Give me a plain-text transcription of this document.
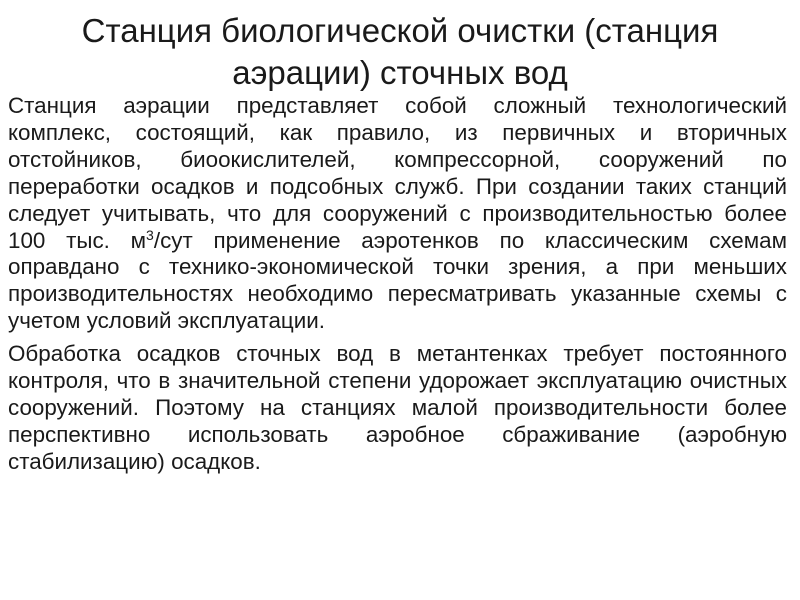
Станция биологической очистки (станция
аэрации) сточных вод

Станция аэрации представляет собой сложный технологический комплекс, состоящий, как правило, из первичных и вторичных отстойников, биоокислителей, компрессорной, сооружений по переработки осадков и подсобных служб. При создании таких станций следует учитывать, что для сооружений с производительностью более 100 тыс. $м^3$/сут применение аэротенков по классическим схемам оправдано с технико-экономической точки зрения, а при меньших производительностях необходимо пересматривать указанные схемы с учетом условий эксплуатации.

Обработка осадков сточных вод в метантенках требует постоянного контроля, что в значительной степени удорожает эксплуатацию очистных сооружений. Поэтому на станциях малой производительности более перспективно использовать аэробное сбраживание (аэробную стабилизацию) осадков.
